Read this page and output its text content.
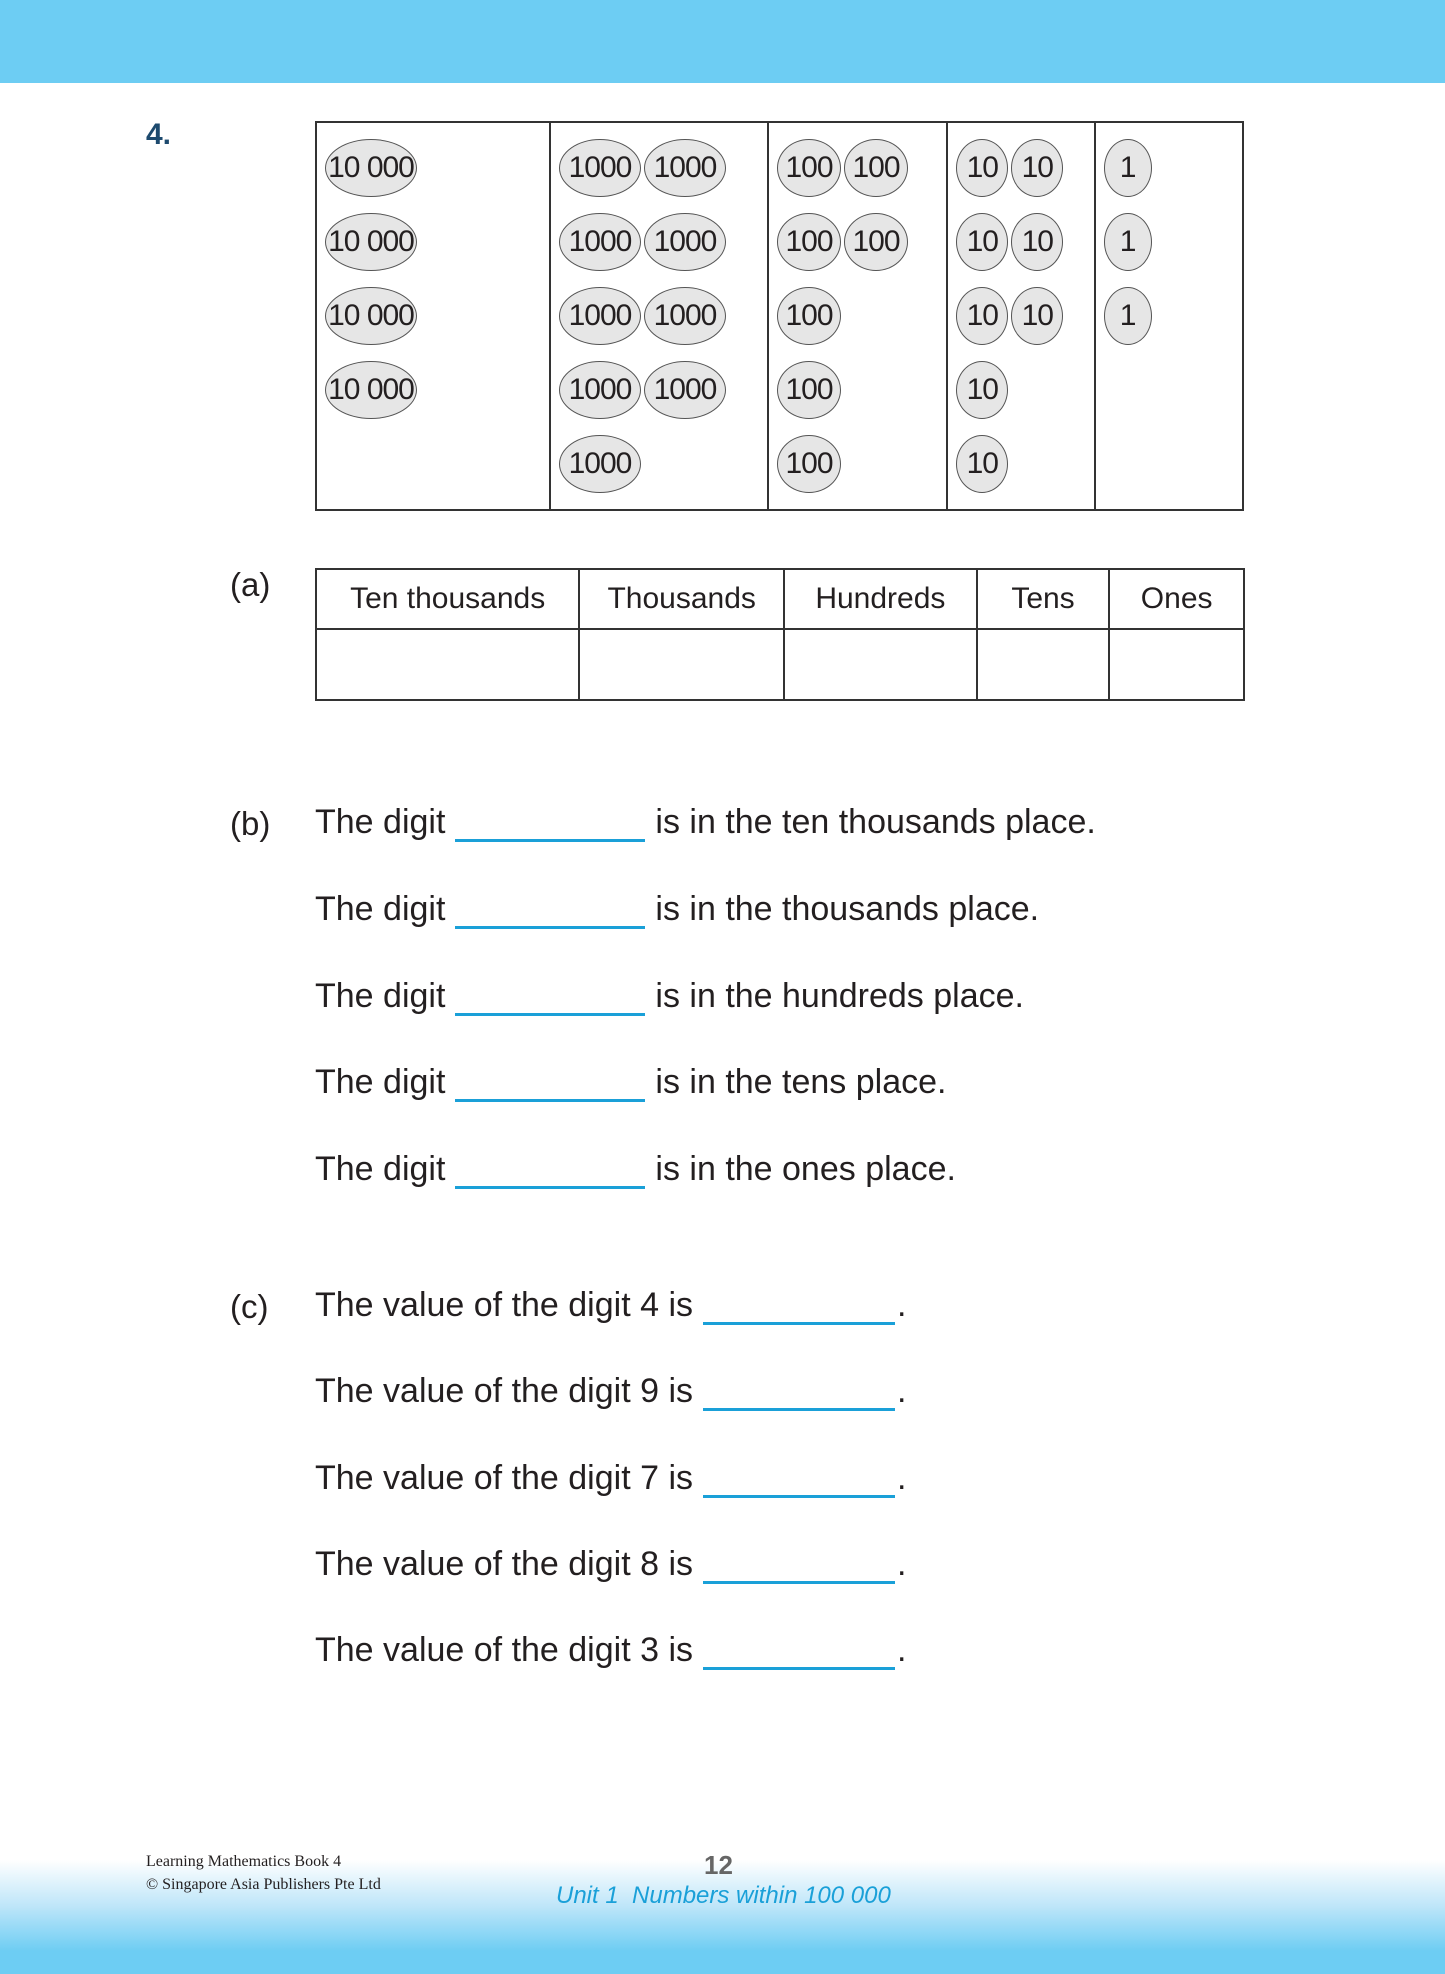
4.
10 000
10 000
10 000
10 000
1000 1000
1000 1000
1000 1000
1000 1000
1000
100 100
100 100
100
100
100
10 10
10 10
10 10
10
10
1
1
1
(a)	Ten thousands	Thousands	Hundreds	Tens	Ones

(b) The digit	is in the ten thousands place.
The digit	is in the thousands place.
The digit	is in the hundreds place.
The digit	is in the tens place.
The digit	is in the ones place.
(c) The value of the digit 4 is	.
The value of the digit 9 is	.
The value of the digit 7 is	.
The value of the digit 8 is	.
The value of the digit 3 is	.
Learning Mathematics Book 4
© Singapore Asia Publishers Pte Ltd
12
Unit 1  Numbers within 100 000
